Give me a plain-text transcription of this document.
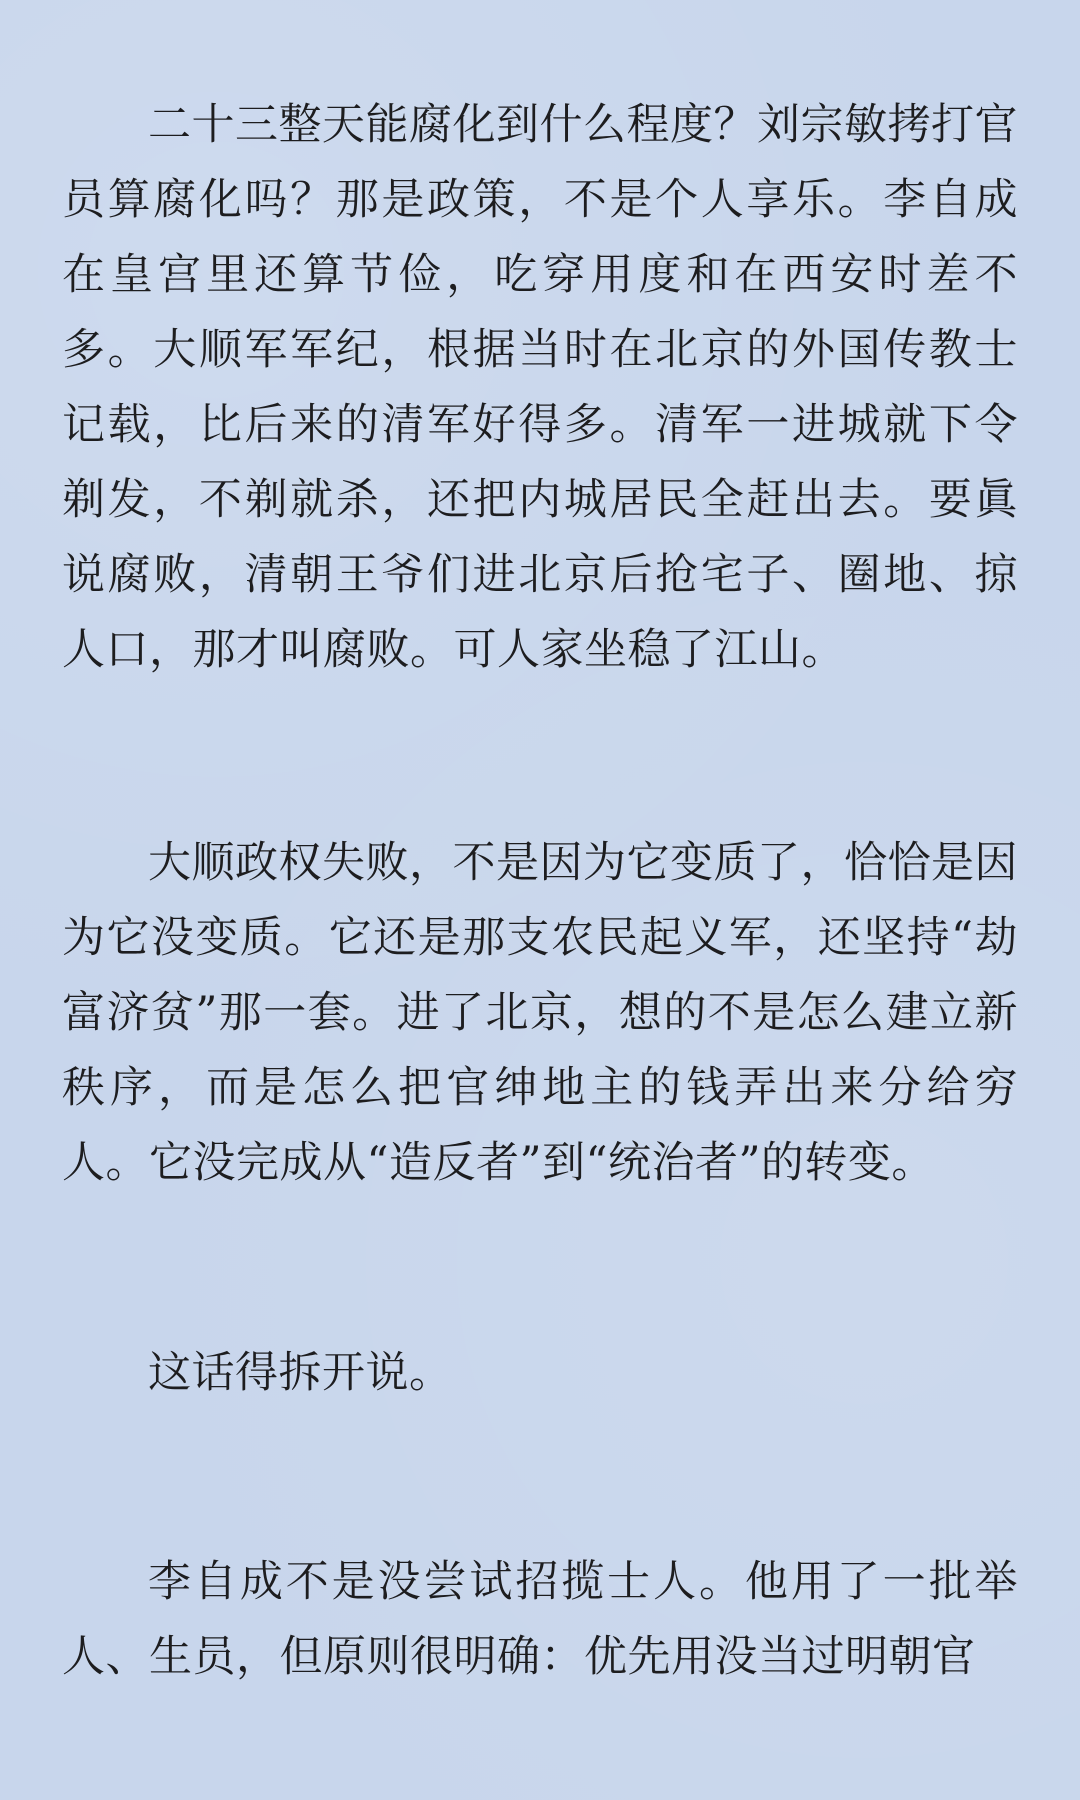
二十三整天能腐化到什么程度？刘宗敏拷打官员算腐化吗？那是政策，不是个人享乐。李自成在皇宫里还算节俭，吃穿用度和在西安时差不多。大顺军军纪，根据当时在北京的外国传教士记载，比后来的清军好得多。清军一进城就下令剃发，不剃就杀，还把内城居民全赶出去。要眞说腐败，清朝王爷们进北京后抢宅子、圈地、掠人口，那才叫腐败。可人家坐稳了江山。

大顺政权失败，不是因为它变质了，恰恰是因为它没变质。它还是那支农民起义军，还坚持“劫富济贫”那一套。进了北京，想的不是怎么建立新秩序，而是怎么把官绅地主的钱弄出来分给穷人。它没完成从“造反者”到“统治者”的转变。

这话得拆开说。

李自成不是没尝试招揽士人。他用了一批举人、生员，但原则很明确：优先用没当过明朝官
